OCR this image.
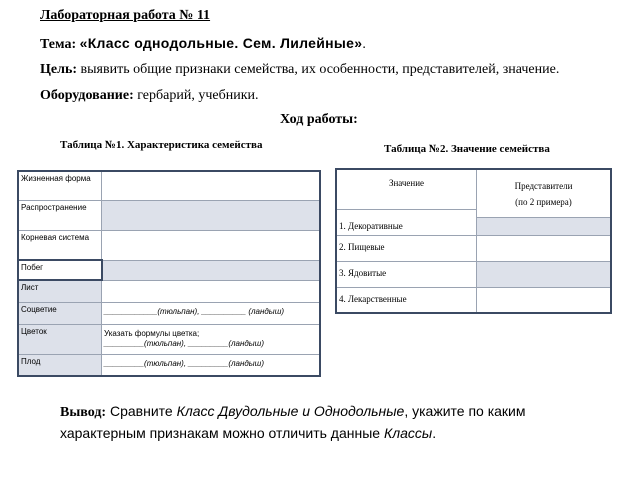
Лабораторная работа № 11
Тема: «Класс однодольные. Сем. Лилейные».
Цель: выявить общие признаки семейства, их особенности, представителей, значение.
Оборудование: гербарий, учебники.
Ход работы:
Таблица №1. Характеристика семейства	Таблица №2. Значение семейства
Жизненная форма	
Распространение	
Корневая система	
Побег	
Лист	
Соцветие	____________(тюльпан), __________ (ландыш)
Цветок	Указать формулы цветка;
_________(тюльпан), _________(ландыш)

Плод	_________(тюльпан), _________(ландыш)
Значение	Представители
(по 2 примера)

1. Декоративные	

2. Пищевые	
3. Ядовитые	
4. Лекарственные	
Вывод: Сравните Класс Двудольные и Однодольные, укажите по каким
характерным признакам можно отличить данные Классы.
